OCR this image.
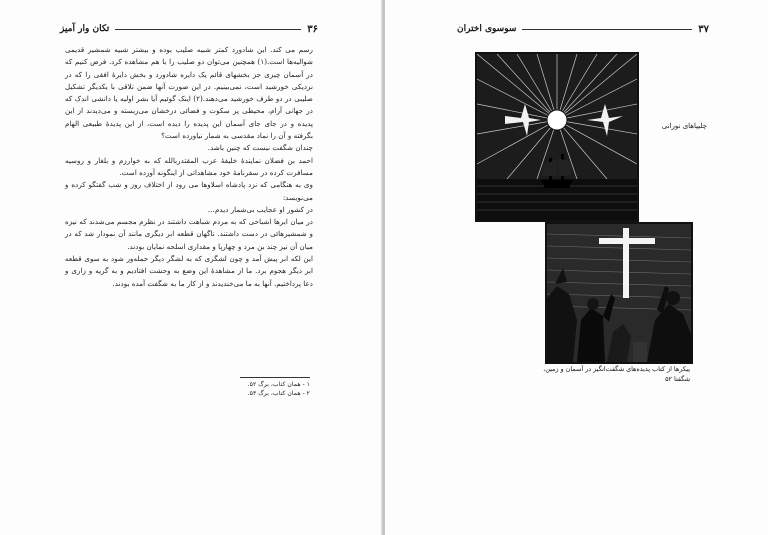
۳۶
تکان وار آمیز

رسم می کند. این شادورد کمتر شبیه صلیب بوده و بیشتر شبیه شمشیر قدیمی شوالیه‌ها است.(۱) همچنین می‌توان دو صلیب را با هم مشاهده کرد. فرض کنیم که در آسمان چیزی جز بخشهای قائم یک دایره شادورد و بخش دایرهٔ افقی را که در نزدیکی خورشید است، نمی‌بینیم. در این صورت آنها ضمن تلاقی با یکدیگر تشکیل صلیبی در دو طرف خورشید می‌دهند.(۲) اینک گوئیم آیا بشر اولیه یا دانشی اندک که در جهانی آرام، محیطی پر سکوت و فضائی درخشان می‌زیسته و می‌دیدند از این پدیده و در جای جای آسمان این پدیده را دیده است، از این پدیدهٔ طبیعی الهام بگرفته و آن را نماد مقدسی به شمار نیاورده است؟

چندان شگفت نیست که چنین باشد.

احمد بن فضلان نمایندهٔ خلیفهٔ عرب المقتدربالله که به خوارزم و بلغار و روسیه مسافرت کرده در سفرنامهٔ خود مشاهداتی از اینگونه آورده است.

وی به هنگامی که نزد پادشاه اسلاوها می رود از اختلاف روز و شب گفتگو کرده و می‌نویسد:

در کشور او عجایب بی‌شمار دیدم…

در میان ابرها اشباحی که به مردم شباهت داشتند در نظرم مجسم می‌شدند که نیزه و شمشیرهائی در دست داشتند. ناگهان قطعه ابر دیگری مانند آن نمودار شد که در میان آن نیز چند بن مرد و چهارپا و مقداری اسلحه نمایان بودند.

این لکه ابر پیش آمد و چون لشگری که به لشگر دیگر حمله‌ور شود به سوی قطعه ابر دیگر هجوم برد. ما از مشاهدهٔ این وضع به وحشت افتادیم و به گریه و زاری و دعا پرداختیم. آنها به ما می‌خندیدند و از کار ما به شگفت آمده بودند.

۱ - همان کتاب، برگ ۵۲.
۲ - همان کتاب، برگ ۵۳.
۳۷
سوسوی اختران
چلیپاهای نورانی
پیکرها از کتاب پدیده‌های شگفت‌انگیز در آسمان و زمین،
شگفتا ۵۲
